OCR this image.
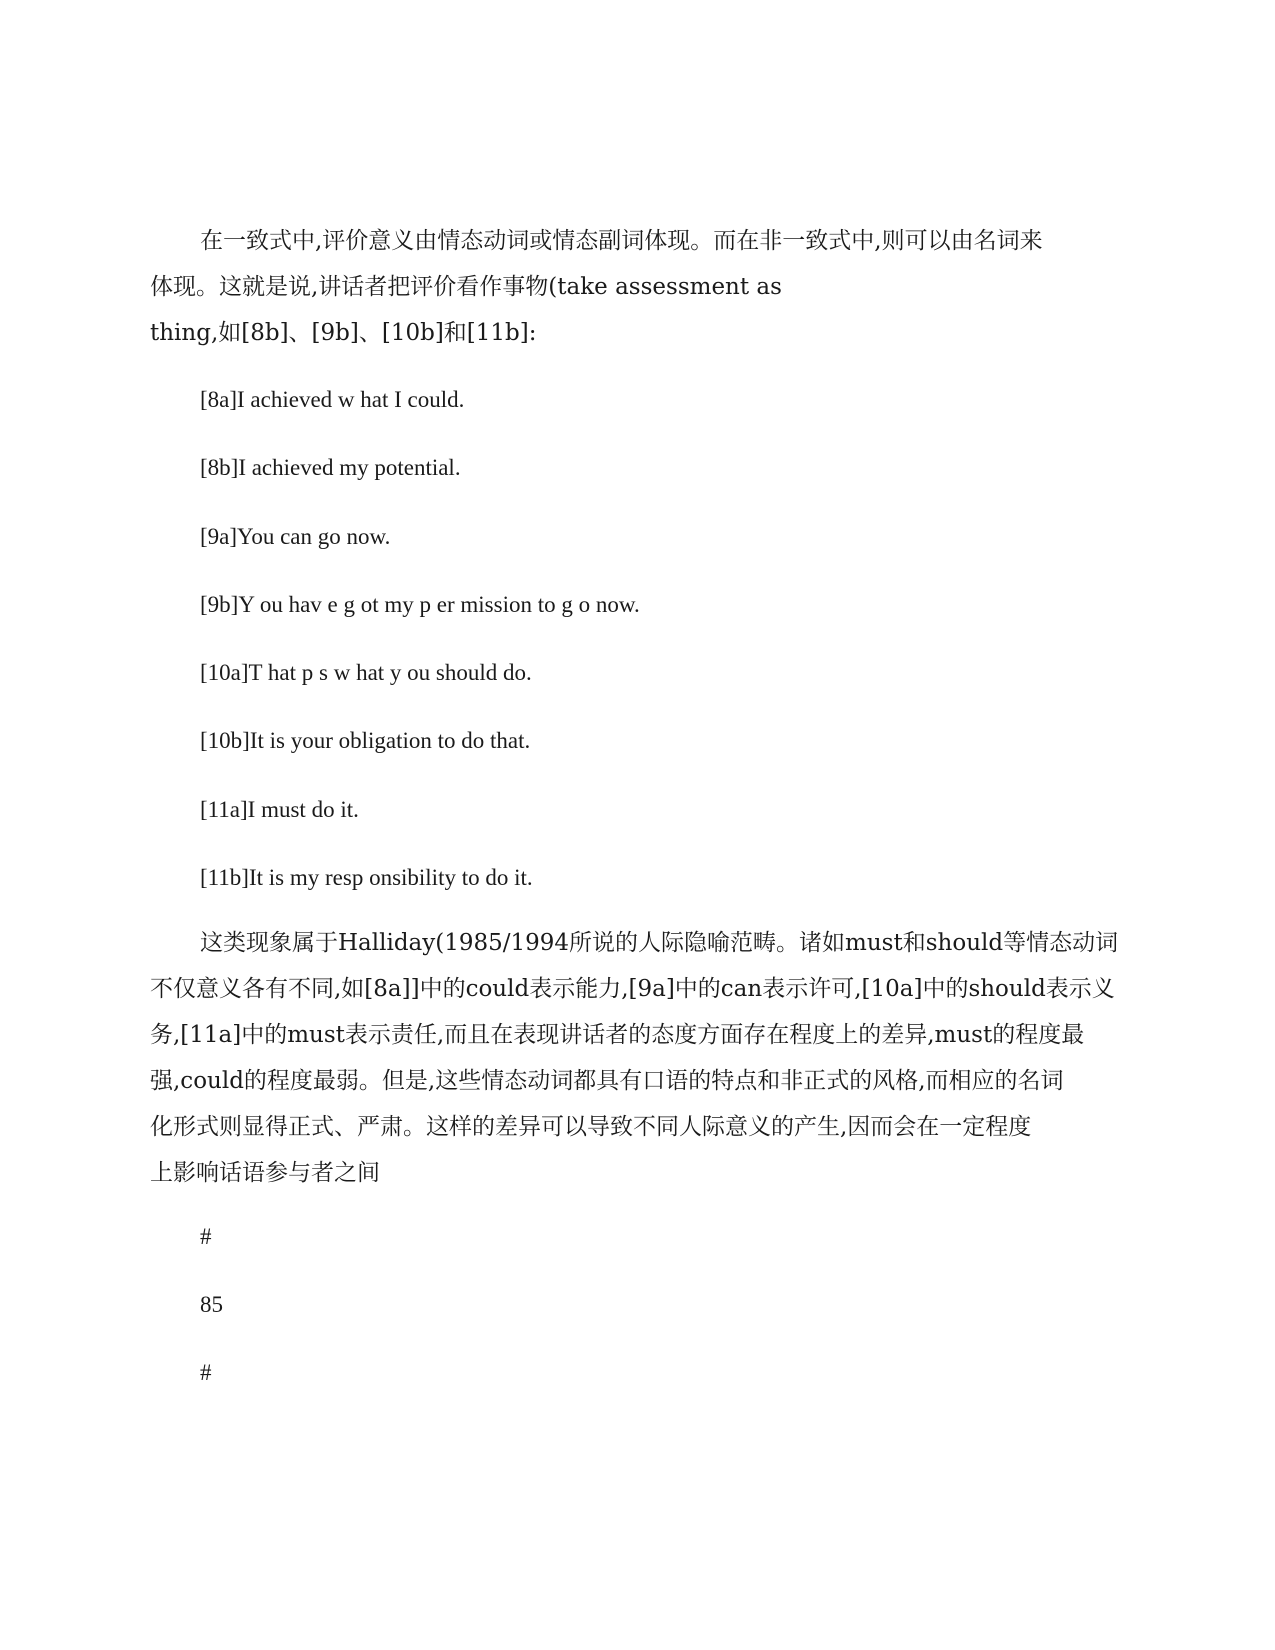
在一致式中,评价意义由情态动词或情态副词体现。而在非一致式中,则可以由名词来
体现。这就是说,讲话者把评价看作事物(take assessment as
thing,如[8b]、[9b]、[10b]和[11b]:

[8a]I achieved w hat I could.

[8b]I achieved my potential.

[9a]You can go now.

[9b]Y ou hav e g ot my p er mission to g o now.

[10a]T hat p s w hat y ou should do.

[10b]It is your obligation to do that.

[11a]I must do it.

[11b]It is my resp onsibility to do it.

这类现象属于Halliday(1985/1994所说的人际隐喻范畴。诸如must和should等情态动词
不仅意义各有不同,如[8a]]中的could表示能力,[9a]中的can表示许可,[10a]中的should表示义
务,[11a]中的must表示责任,而且在表现讲话者的态度方面存在程度上的差异,must的程度最
强,could的程度最弱。但是,这些情态动词都具有口语的特点和非正式的风格,而相应的名词
化形式则显得正式、严肃。这样的差异可以导致不同人际意义的产生,因而会在一定程度
上影响话语参与者之间

#

85

#
